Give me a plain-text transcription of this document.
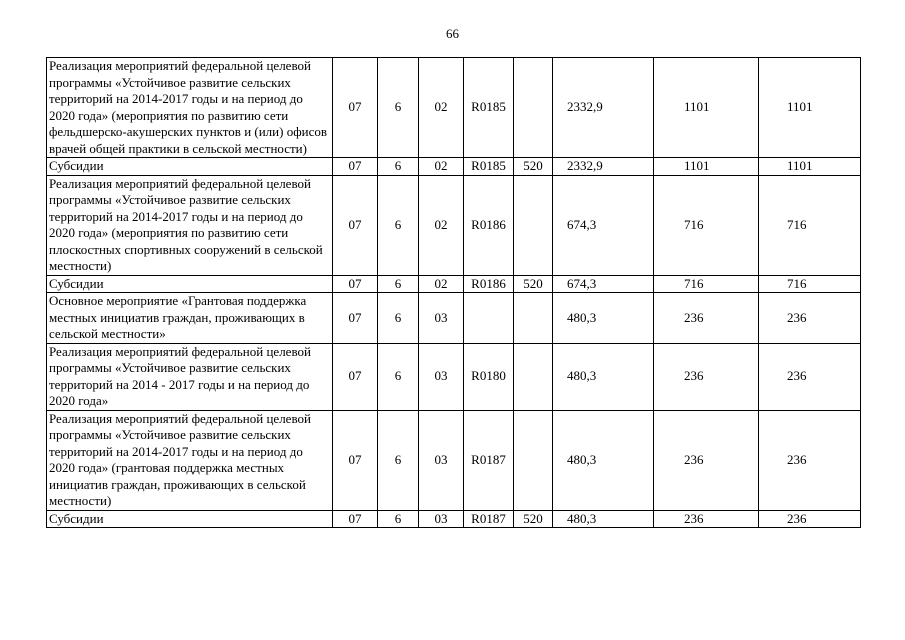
66
Реализация мероприятий федеральной целевой программы «Устойчивое развитие сельских территорий на 2014-2017 годы и на период до 2020 года» (мероприятия по развитию сети фельдшерско-акушерских пунктов и (или) офисов врачей общей практики в сельской местности)	07	6	02	R0185		2332,9	1101	1101
Субсидии	07	6	02	R0185	520	2332,9	1101	1101
Реализация мероприятий федеральной целевой программы «Устойчивое развитие сельских территорий на 2014-2017 годы и на период до 2020 года» (мероприятия по развитию сети плоскостных спортивных сооружений в сельской местности)	07	6	02	R0186		674,3	716	716
Субсидии	07	6	02	R0186	520	674,3	716	716
Основное мероприятие «Грантовая поддержка местных инициатив граждан, проживающих в сельской местности»	07	6	03			480,3	236	236
Реализация мероприятий федеральной целевой программы «Устойчивое развитие сельских территорий на 2014 - 2017 годы и на период до 2020 года»	07	6	03	R0180		480,3	236	236
Реализация мероприятий федеральной целевой программы «Устойчивое развитие сельских территорий на 2014-2017 годы и на период до 2020 года» (грантовая поддержка местных инициатив граждан, проживающих в сельской местности)	07	6	03	R0187		480,3	236	236
Субсидии	07	6	03	R0187	520	480,3	236	236
